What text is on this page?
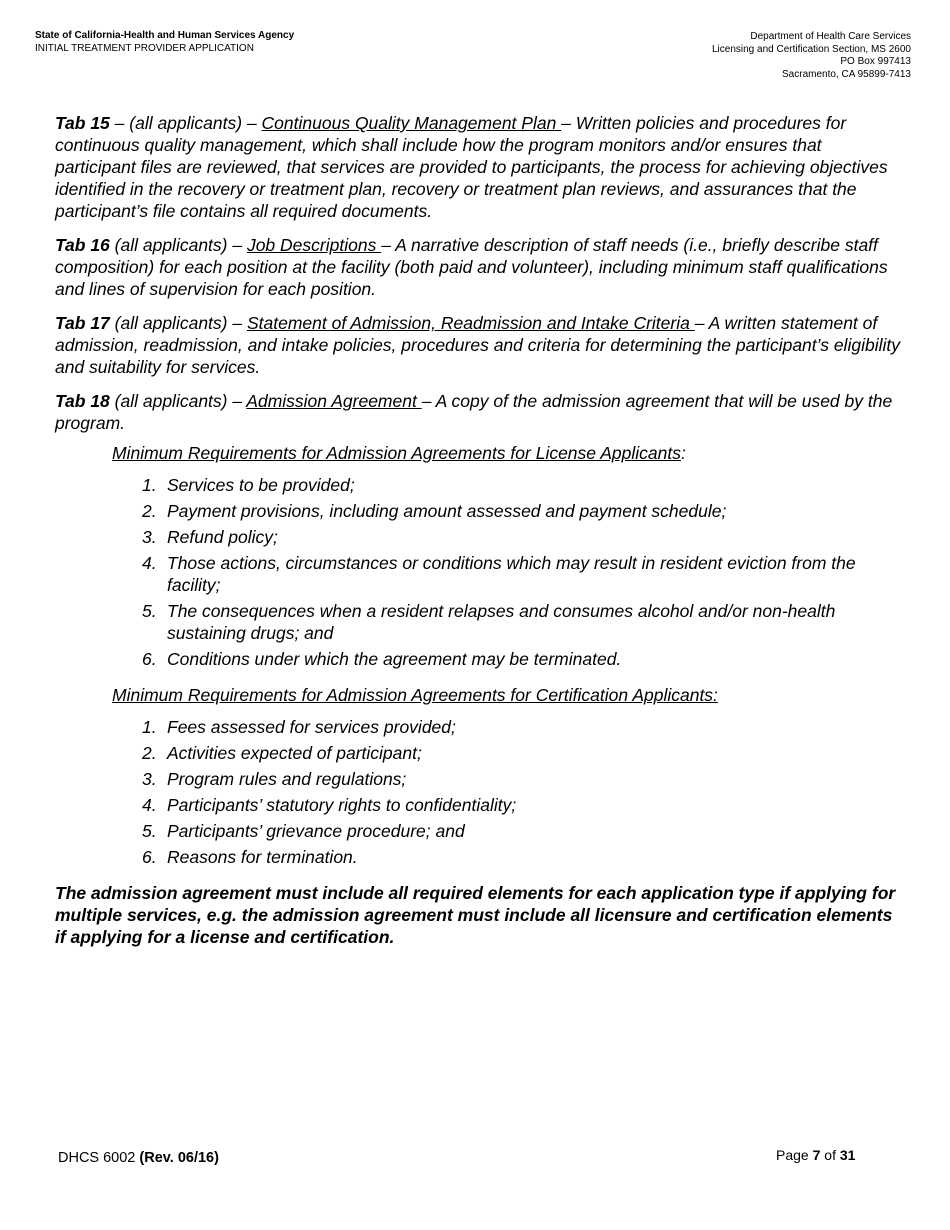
State of California-Health and Human Services Agency
INITIAL TREATMENT PROVIDER APPLICATION
Department of Health Care Services
Licensing and Certification Section, MS 2600
PO Box 997413
Sacramento, CA 95899-7413

Tab 15 – (all applicants) – Continuous Quality Management Plan – Written policies and procedures for continuous quality management, which shall include how the program monitors and/or ensures that participant files are reviewed, that services are provided to participants, the process for achieving objectives identified in the recovery or treatment plan, recovery or treatment plan reviews, and assurances that the participant’s file contains all required documents.

Tab 16 (all applicants) – Job Descriptions – A narrative description of staff needs (i.e., briefly describe staff composition) for each position at the facility (both paid and volunteer), including minimum staff qualifications and lines of supervision for each position.

Tab 17 (all applicants) – Statement of Admission, Readmission and Intake Criteria – A written statement of admission, readmission, and intake policies, procedures and criteria for determining the participant’s eligibility and suitability for services.

Tab 18 (all applicants) – Admission Agreement – A copy of the admission agreement that will be used by the program.

Minimum Requirements for Admission Agreements for License Applicants:

1. Services to be provided;
2. Payment provisions, including amount assessed and payment schedule;
3. Refund policy;
4. Those actions, circumstances or conditions which may result in resident eviction from the facility;
5. The consequences when a resident relapses and consumes alcohol and/or non-health sustaining drugs; and
6. Conditions under which the agreement may be terminated.

Minimum Requirements for Admission Agreements for Certification Applicants:

1. Fees assessed for services provided;
2. Activities expected of participant;
3. Program rules and regulations;
4. Participants’ statutory rights to confidentiality;
5. Participants’ grievance procedure; and
6. Reasons for termination.

The admission agreement must include all required elements for each application type if applying for multiple services, e.g. the admission agreement must include all licensure and certification elements if applying for a license and certification.

DHCS 6002 (Rev. 06/16)	Page 7 of 31
